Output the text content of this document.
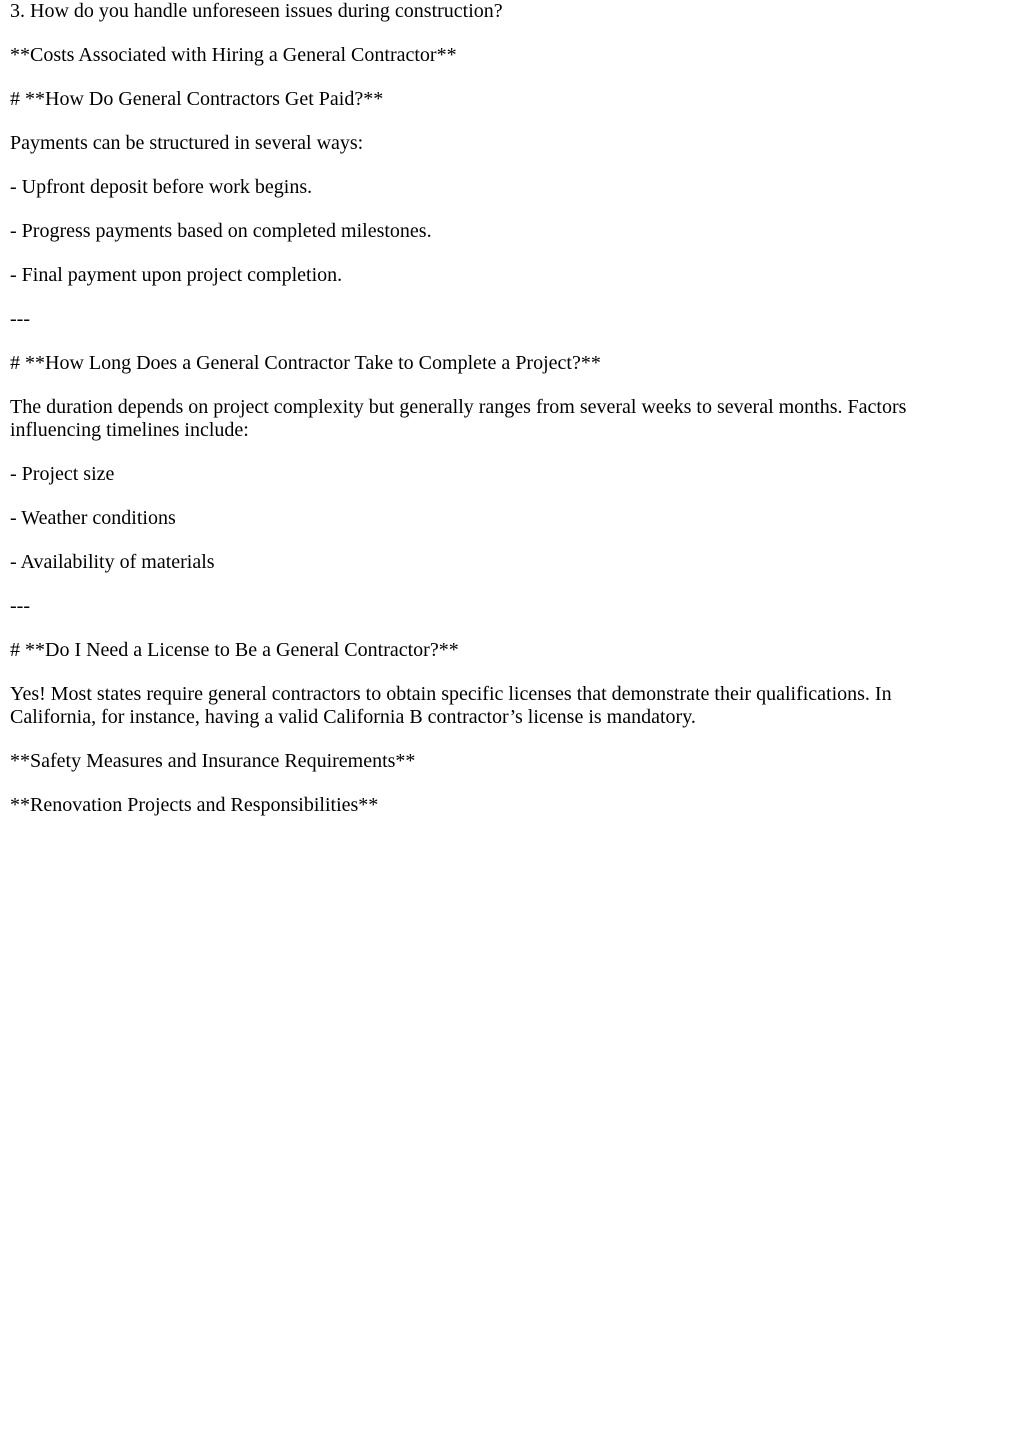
3. How do you handle unforeseen issues during construction?

**Costs Associated with Hiring a General Contractor**

# **How Do General Contractors Get Paid?**

Payments can be structured in several ways:

- Upfront deposit before work begins.

- Progress payments based on completed milestones.

- Final payment upon project completion.

---

# **How Long Does a General Contractor Take to Complete a Project?**

The duration depends on project complexity but generally ranges from several weeks to several months. Factors influencing timelines include:

- Project size

- Weather conditions

- Availability of materials

---

# **Do I Need a License to Be a General Contractor?**

Yes! Most states require general contractors to obtain specific licenses that demonstrate their qualifications. In California, for instance, having a valid California B contractor’s license is mandatory.

**Safety Measures and Insurance Requirements**

**Renovation Projects and Responsibilities**
